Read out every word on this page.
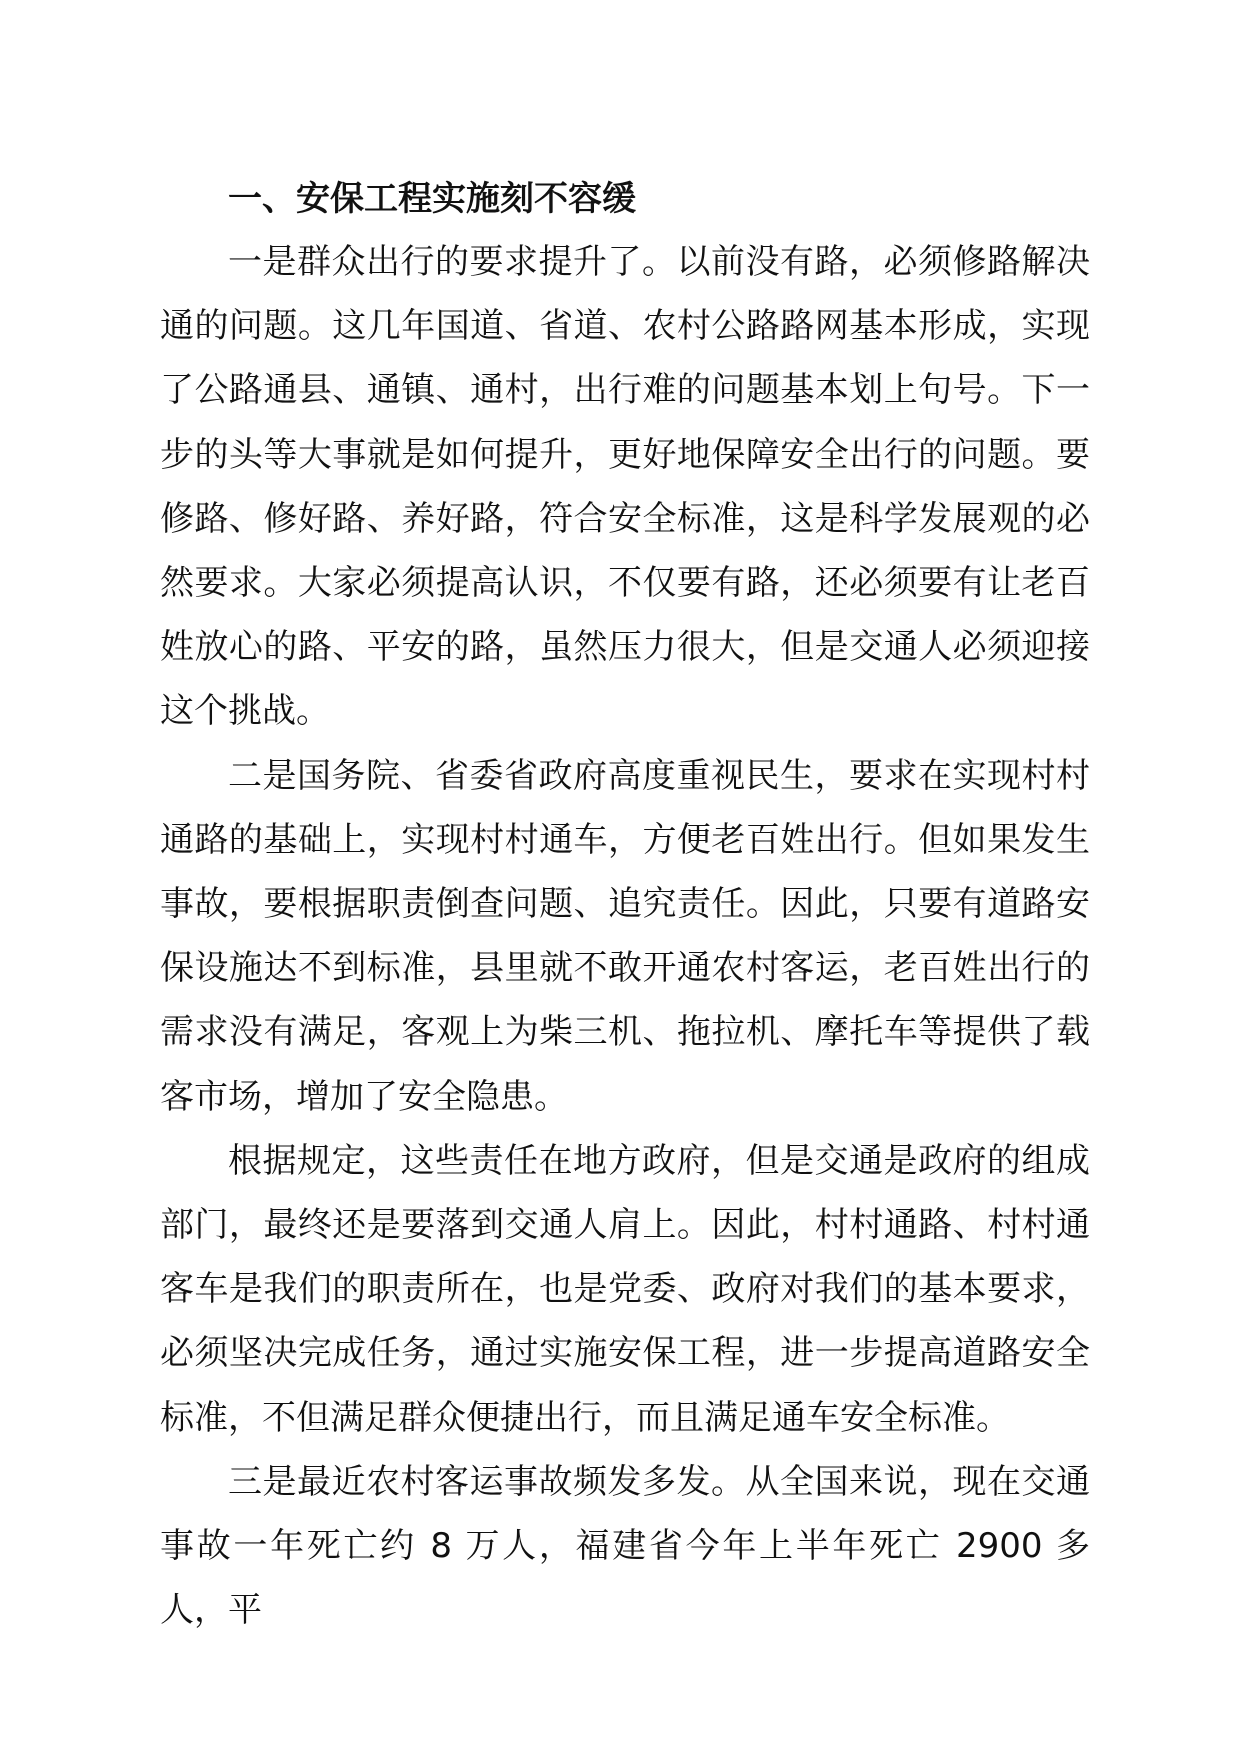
一、安保工程实施刻不容缓

一是群众出行的要求提升了。以前没有路，必须修路解决通的问题。这几年国道、省道、农村公路路网基本形成，实现了公路通县、通镇、通村，出行难的问题基本划上句号。下一步的头等大事就是如何提升，更好地保障安全出行的问题。要修路、修好路、养好路，符合安全标准，这是科学发展观的必然要求。大家必须提高认识，不仅要有路，还必须要有让老百姓放心的路、平安的路，虽然压力很大，但是交通人必须迎接这个挑战。

二是国务院、省委省政府高度重视民生，要求在实现村村通路的基础上，实现村村通车，方便老百姓出行。但如果发生事故，要根据职责倒查问题、追究责任。因此，只要有道路安保设施达不到标准，县里就不敢开通农村客运，老百姓出行的需求没有满足，客观上为柴三机、拖拉机、摩托车等提供了载客市场，增加了安全隐患。

根据规定，这些责任在地方政府，但是交通是政府的组成部门，最终还是要落到交通人肩上。因此，村村通路、村村通客车是我们的职责所在，也是党委、政府对我们的基本要求，必须坚决完成任务，通过实施安保工程，进一步提高道路安全标准，不但满足群众便捷出行，而且满足通车安全标准。

三是最近农村客运事故频发多发。从全国来说，现在交通事故一年死亡约 8 万人，福建省今年上半年死亡 2900 多人，平
